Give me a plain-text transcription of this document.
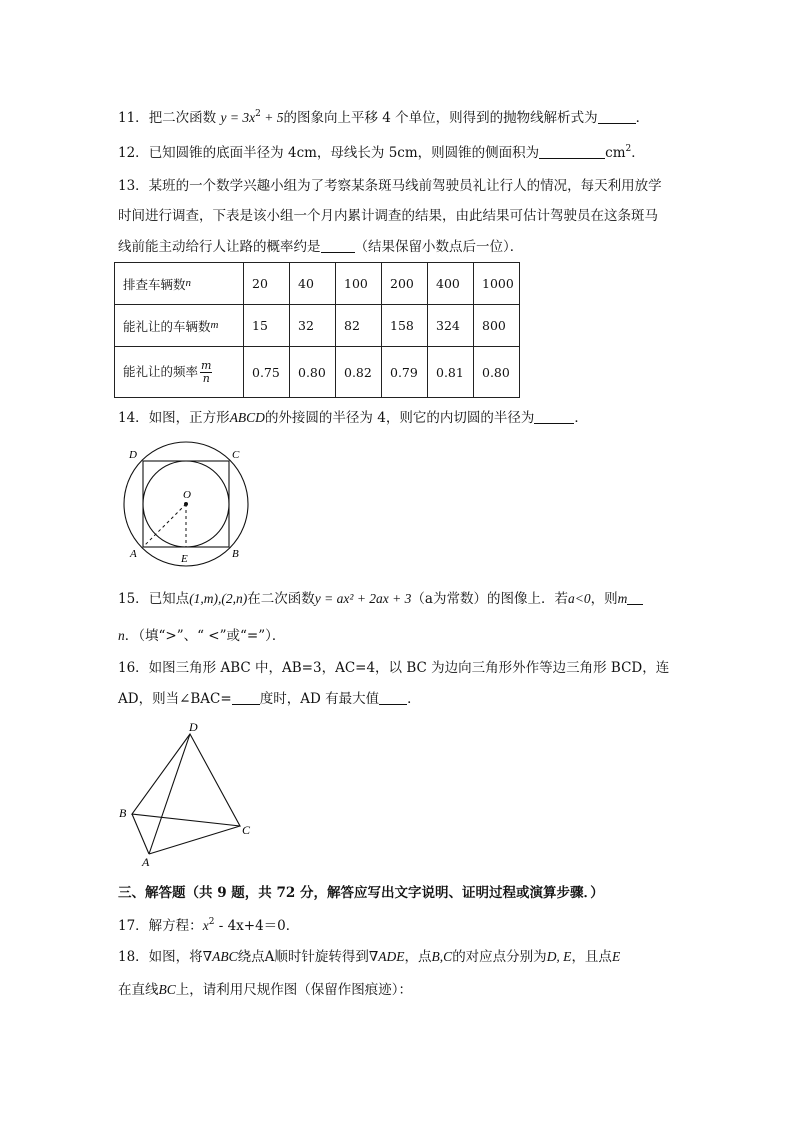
11．把二次函数 $y = 3x^2 + 5$的图象向上平移 4 个单位，则得到的抛物线解析式为	．
12．已知圆锥的底面半径为 4cm，母线长为 5cm，则圆锥的侧面积为	$cm^2$．
13．某班的一个数学兴趣小组为了考察某条斑马线前驾驶员礼让行人的情况，每天利用放学
时间进行调查，下表是该小组一个月内累计调查的结果，由此结果可估计驾驶员在这条斑马
线前能主动给行人让路的概率约是	（结果保留小数点后一位）．
排查车辆数n	20	40	100	200	400	1000
能礼让的车辆数m	15	32	82	158	324	800
能礼让的频率 $\frac{m}{n}$	0.75	0.80	0.82	0.79	0.81	0.80
14．如图，正方形ABCD的外接圆的半径为 4，则它的内切圆的半径为	．
D	C
O
A	E	B
15．已知点(1,m),(2,n)在二次函数y = ax² + 2ax + 3（a为常数）的图像上．若a<0，则m
n．（填“>”、“ <”或“=”）．
16．如图三角形 ABC 中，AB=3，AC=4，以 BC 为边向三角形外作等边三角形 BCD，连
AD，则当∠BAC= 度时，AD 有最大值 ．
D
B
C
A
三、解答题（共 9 题，共 72 分，解答应写出文字说明、证明过程或演算步骤．）
17．解方程：$x^2 - 4x+4=0$．
18．如图，将∇ABC绕点A顺时针旋转得到∇ADE，点B,C的对应点分别为D, E，且点E
在直线BC上，请利用尺规作图（保留作图痕迹）：
